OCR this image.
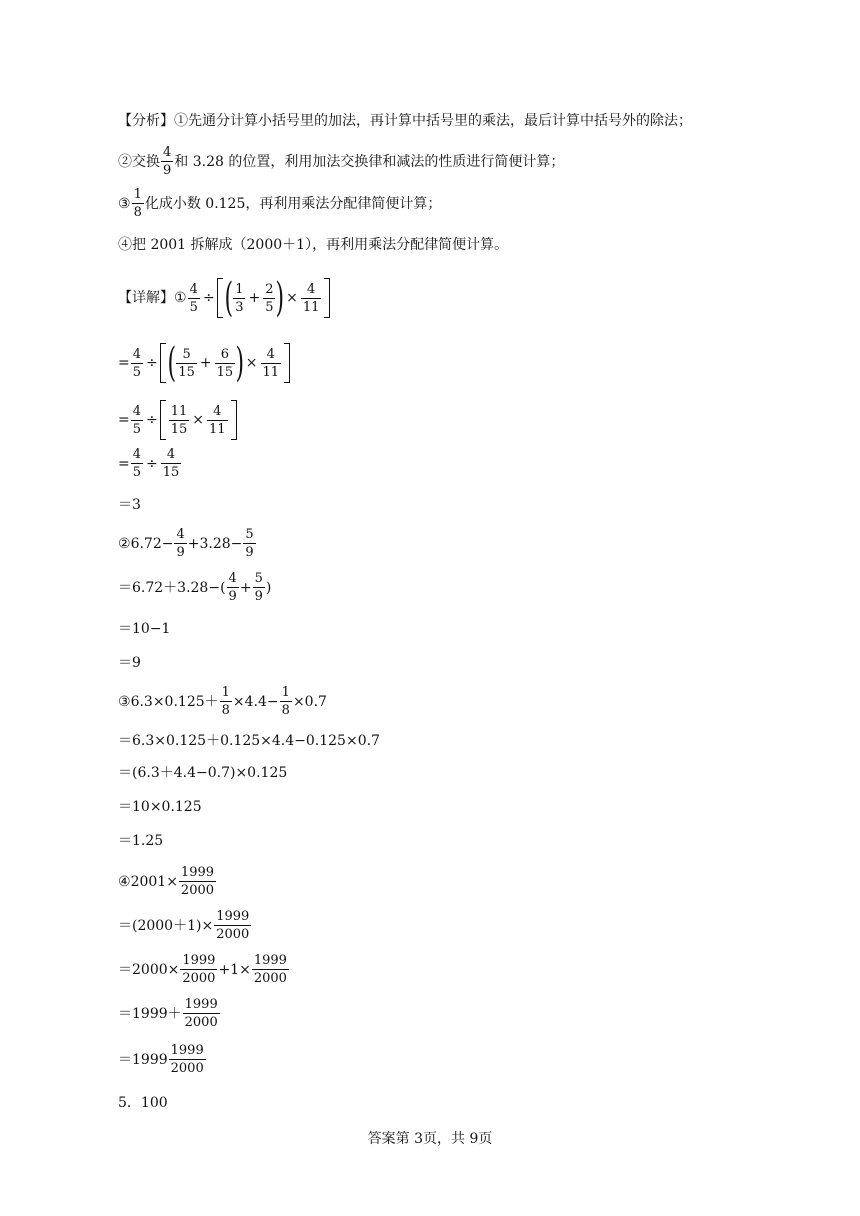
【分析】 ①先通分计算小括号里的加法，再计算中括号里的乘法，最后计算中括号外的除法；
②交换
4
9
和 3.28 的位置，利用加法交换律和减法的性质进行简便计算；
③
1
8
化成小数 0.125，再利用乘法分配律简便计算；
④把 2001 拆解成（2000＋1），再利用乘法分配律简便计算。
【详解】 ① $\frac{4}{5}$ ÷ ( 1
3
+ $\frac{2}{5}$ ) × $\frac{4}{11}$
= $\frac{4}{5}$ ÷ ( 5
15
+ $\frac{6}{15}$ ) × $\frac{4}{11}$
= $\frac{4}{5} \div \frac{11}{15} \times \frac{4}{11}$
= $\frac{4}{5} \div \frac{4}{15}$
＝3
② $6.72 - \frac{4}{9} +3.28- \frac{5}{9}$
＝6.72＋3.28−(
4
9
+ $\frac{5}{9}$ )
＝10−1
＝9
③ $6.3\times 0.125+ \frac{1}{8} \times 4.4- \frac{1}{8} \times 0.7$
＝6.3×0.125＋0.125×4.4−0.125×0.7
＝(6.3＋4.4−0.7)×0.125
＝10×0.125
＝1.25
④ $2001\times \frac{1999}{2000}$
$=(2000+1)\times \frac{1999}{2000}$
$=2000\times \frac{1999}{2000} +1\times \frac{1999}{2000}$
＝1999＋
1999
2000
＝1999
1999
2000
5．100
答案第 3页，共 9页
